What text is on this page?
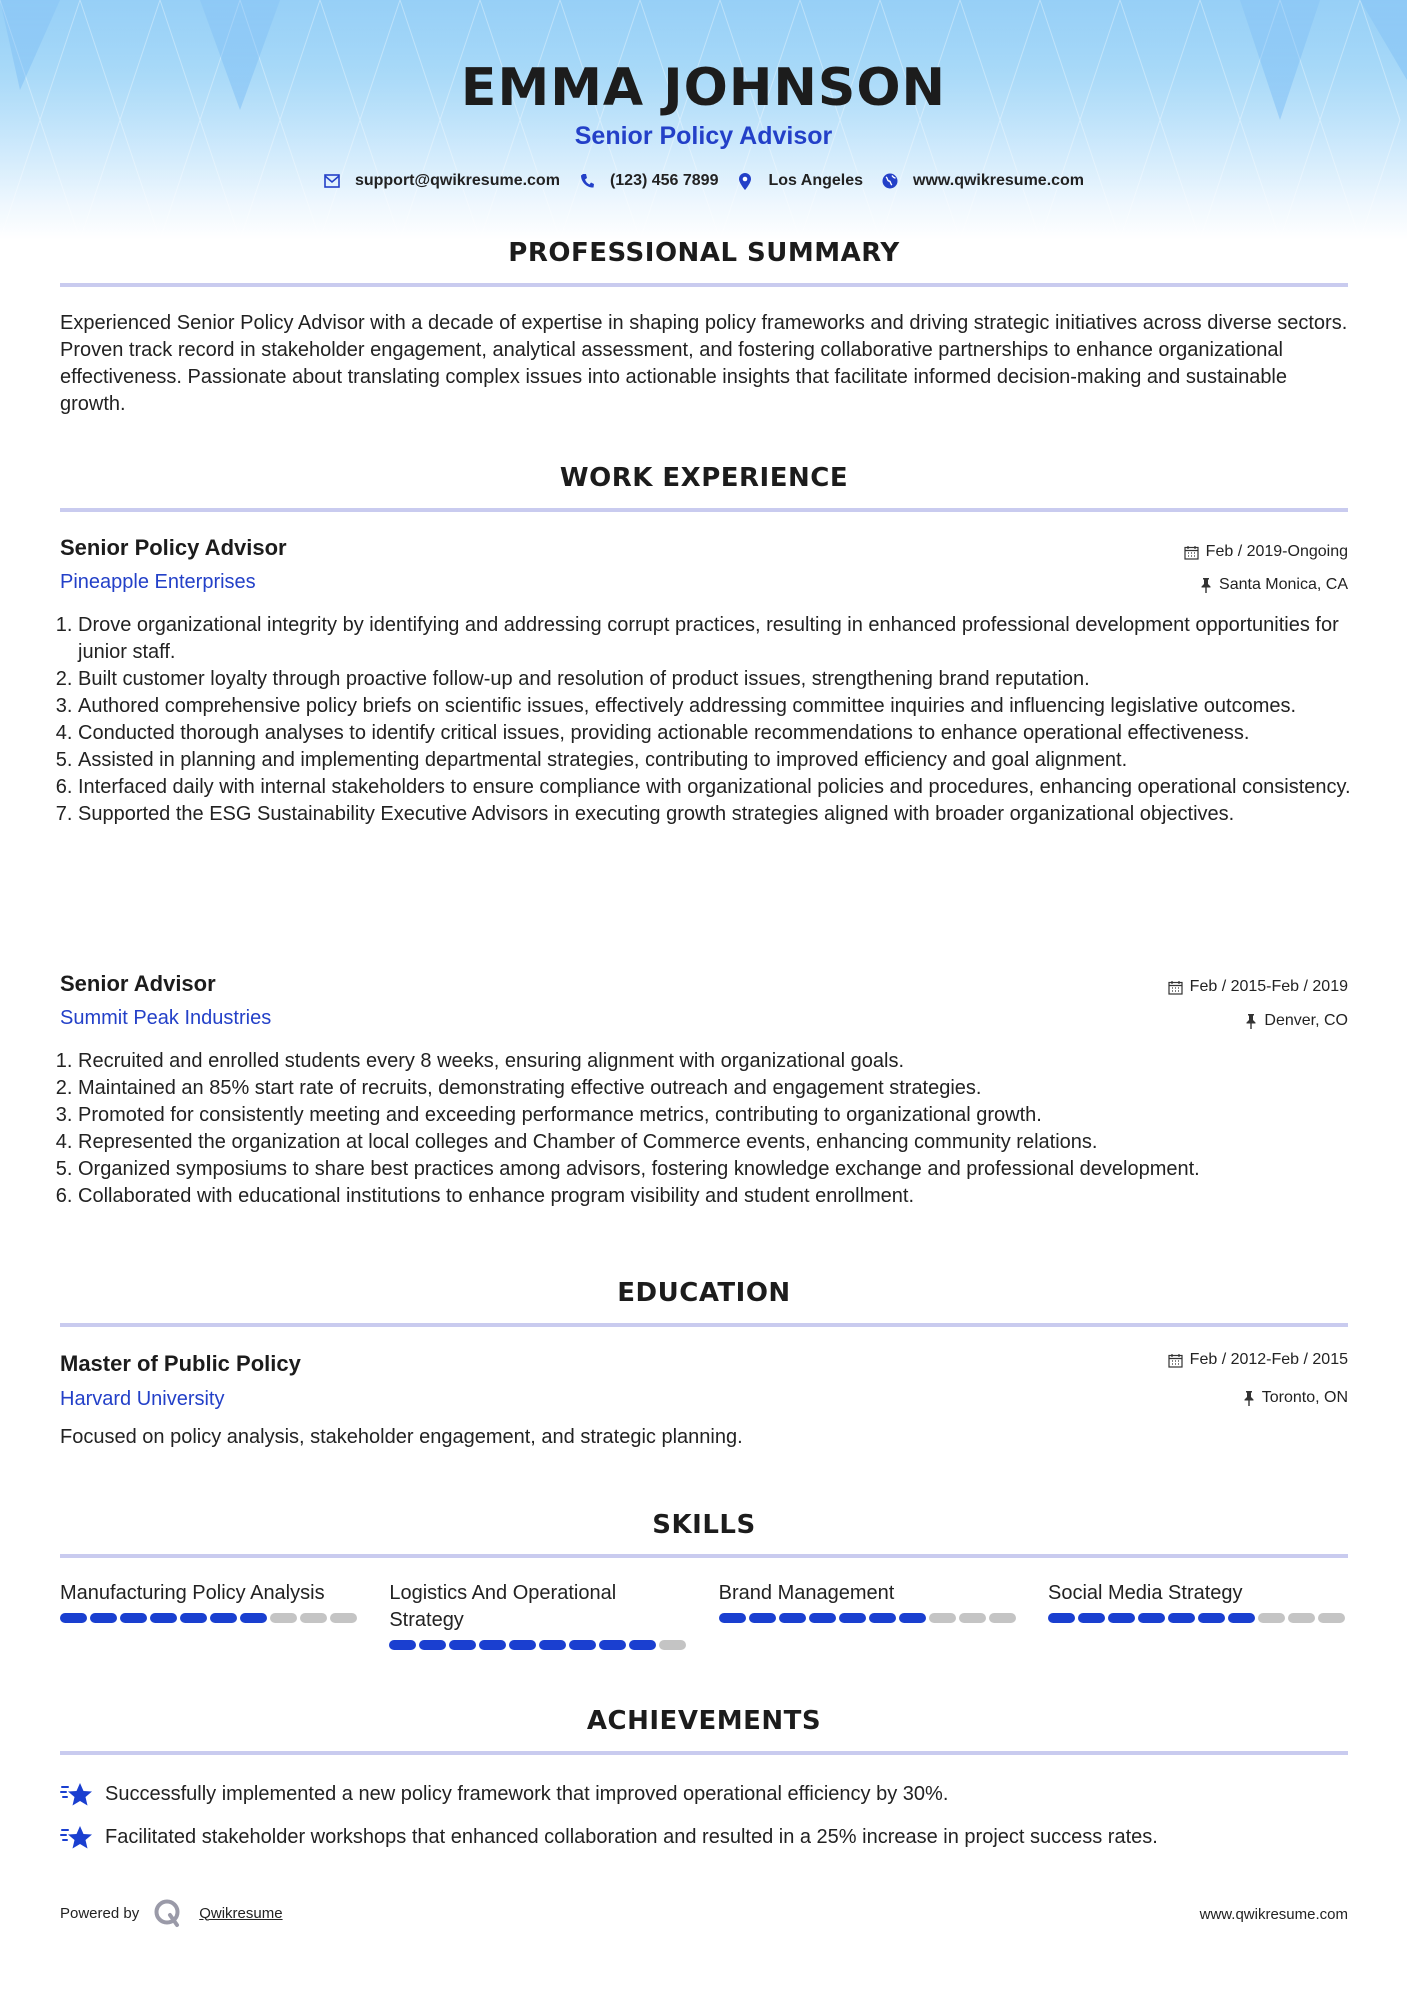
EMMA JOHNSON
Senior Policy Advisor
support@qwikresume.com	(123) 456 7899	Los Angeles	www.qwikresume.com
PROFESSIONAL SUMMARY
Experienced Senior Policy Advisor with a decade of expertise in shaping policy frameworks and driving strategic initiatives across diverse sectors. Proven track record in stakeholder engagement, analytical assessment, and fostering collaborative partnerships to enhance organizational effectiveness. Passionate about translating complex issues into actionable insights that facilitate informed decision-making and sustainable growth.
WORK EXPERIENCE
Senior Policy Advisor	Feb / 2019-Ongoing
Pineapple Enterprises	Santa Monica, CA
1. Drove organizational integrity by identifying and addressing corrupt practices, resulting in enhanced professional development opportunities for junior staff.
2. Built customer loyalty through proactive follow-up and resolution of product issues, strengthening brand reputation.
3. Authored comprehensive policy briefs on scientific issues, effectively addressing committee inquiries and influencing legislative outcomes.
4. Conducted thorough analyses to identify critical issues, providing actionable recommendations to enhance operational effectiveness.
5. Assisted in planning and implementing departmental strategies, contributing to improved efficiency and goal alignment.
6. Interfaced daily with internal stakeholders to ensure compliance with organizational policies and procedures, enhancing operational consistency.
7. Supported the ESG Sustainability Executive Advisors in executing growth strategies aligned with broader organizational objectives.
Senior Advisor	Feb / 2015-Feb / 2019
Summit Peak Industries	Denver, CO
1. Recruited and enrolled students every 8 weeks, ensuring alignment with organizational goals.
2. Maintained an 85% start rate of recruits, demonstrating effective outreach and engagement strategies.
3. Promoted for consistently meeting and exceeding performance metrics, contributing to organizational growth.
4. Represented the organization at local colleges and Chamber of Commerce events, enhancing community relations.
5. Organized symposiums to share best practices among advisors, fostering knowledge exchange and professional development.
6. Collaborated with educational institutions to enhance program visibility and student enrollment.
EDUCATION
Master of Public Policy	Feb / 2012-Feb / 2015
Harvard University	Toronto, ON
Focused on policy analysis, stakeholder engagement, and strategic planning.
SKILLS
Manufacturing Policy Analysis	Logistics And Operational Strategy
Brand Management	Social Media Strategy
ACHIEVEMENTS
Successfully implemented a new policy framework that improved operational efficiency by 30%.
Facilitated stakeholder workshops that enhanced collaboration and resulted in a 25% increase in project success rates.
Powered by	Qwikresume	www.qwikresume.com
